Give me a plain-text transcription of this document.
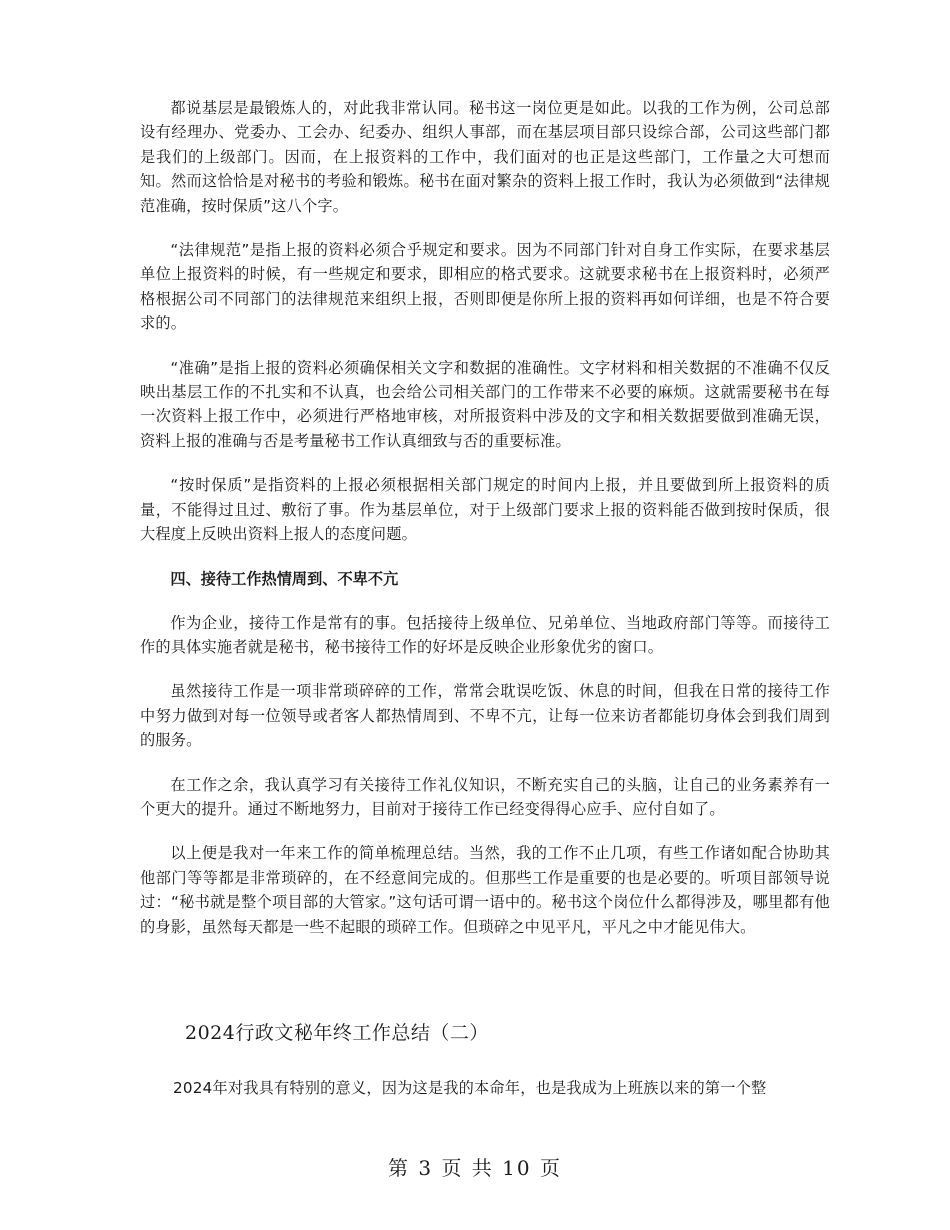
都说基层是最锻炼人的，对此我非常认同。秘书这一岗位更是如此。以我的工作为例，公司总部设有经理办、党委办、工会办、纪委办、组织人事部，而在基层项目部只设综合部，公司这些部门都是我们的上级部门。因而，在上报资料的工作中，我们面对的也正是这些部门，工作量之大可想而知。然而这恰恰是对秘书的考验和锻炼。秘书在面对繁杂的资料上报工作时，我认为必须做到“法律规范准确，按时保质”这八个字。

“法律规范”是指上报的资料必须合乎规定和要求。因为不同部门针对自身工作实际，在要求基层单位上报资料的时候，有一些规定和要求，即相应的格式要求。这就要求秘书在上报资料时，必须严格根据公司不同部门的法律规范来组织上报，否则即便是你所上报的资料再如何详细，也是不符合要求的。

“准确”是指上报的资料必须确保相关文字和数据的准确性。文字材料和相关数据的不准确不仅反映出基层工作的不扎实和不认真，也会给公司相关部门的工作带来不必要的麻烦。这就需要秘书在每一次资料上报工作中，必须进行严格地审核，对所报资料中涉及的文字和相关数据要做到准确无误，资料上报的准确与否是考量秘书工作认真细致与否的重要标准。

“按时保质”是指资料的上报必须根据相关部门规定的时间内上报，并且要做到所上报资料的质量，不能得过且过、敷衍了事。作为基层单位，对于上级部门要求上报的资料能否做到按时保质，很大程度上反映出资料上报人的态度问题。

四、接待工作热情周到、不卑不亢

作为企业，接待工作是常有的事。包括接待上级单位、兄弟单位、当地政府部门等等。而接待工作的具体实施者就是秘书，秘书接待工作的好坏是反映企业形象优劣的窗口。

虽然接待工作是一项非常琐碎碎的工作，常常会耽误吃饭、休息的时间，但我在日常的接待工作中努力做到对每一位领导或者客人都热情周到、不卑不亢，让每一位来访者都能切身体会到我们周到的服务。

在工作之余，我认真学习有关接待工作礼仪知识，不断充实自己的头脑，让自己的业务素养有一个更大的提升。通过不断地努力，目前对于接待工作已经变得得心应手、应付自如了。

以上便是我对一年来工作的简单梳理总结。当然，我的工作不止几项，有些工作诸如配合协助其他部门等等都是非常琐碎的，在不经意间完成的。但那些工作是重要的也是必要的。听项目部领导说过：“秘书就是整个项目部的大管家。”这句话可谓一语中的。秘书这个岗位什么都得涉及，哪里都有他的身影，虽然每天都是一些不起眼的琐碎工作。但琐碎之中见平凡，平凡之中才能见伟大。

2024行政文秘年终工作总结（二）
2024年对我具有特别的意义，因为这是我的本命年，也是我成为上班族以来的第一个整
第 3 页 共 10 页
